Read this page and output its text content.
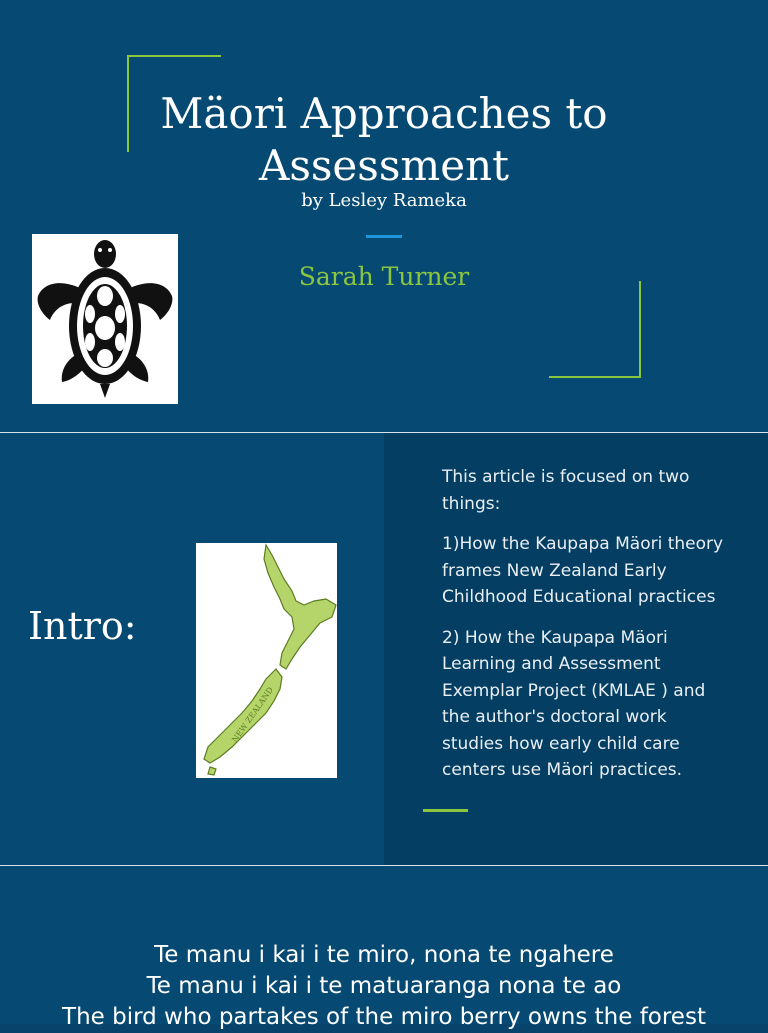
Mäori Approaches to Assessment
by Lesley Rameka
Sarah Turner
Intro:
NEW ZEALAND

This article is focused on two things:

1)How the Kaupapa Mäori theory frames New Zealand Early Childhood Educational practices

2) How the Kaupapa Mäori Learning and Assessment Exemplar Project (KMLAE ) and the author's doctoral work studies how early child care centers use Mäori practices.

Te manu i kai i te miro, nona te ngahere
Te manu i kai i te matuaranga nona te ao
The bird who partakes of the miro berry owns the forest
